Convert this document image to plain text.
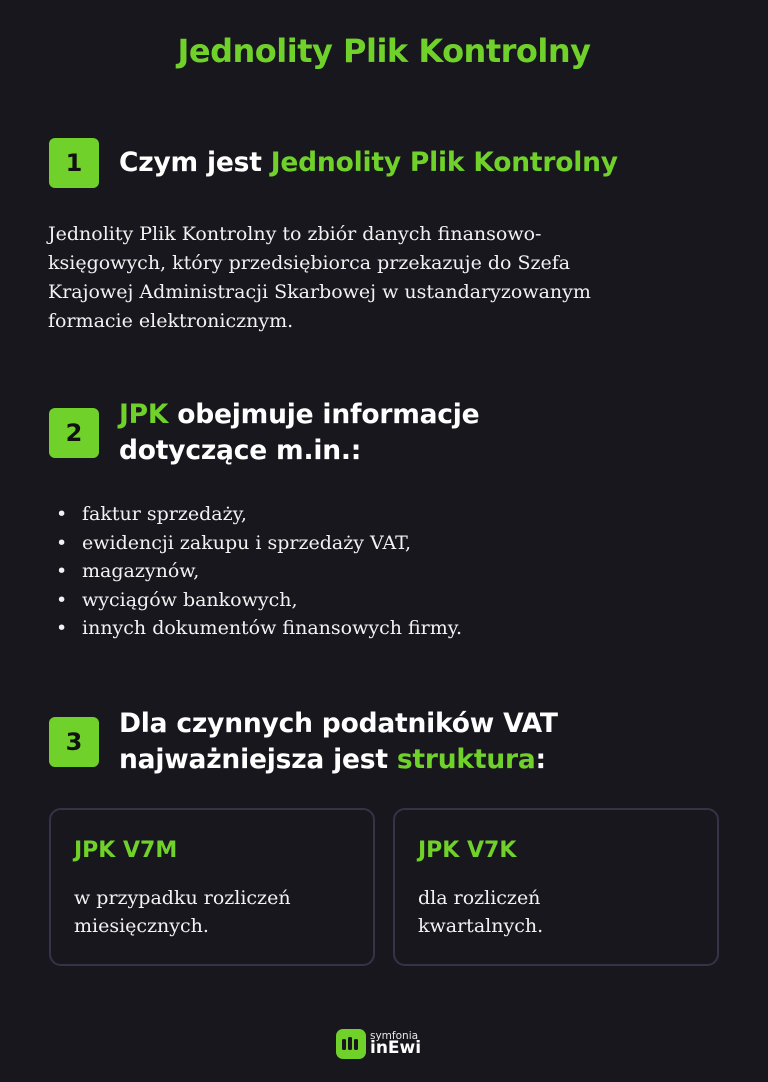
Jednolity Plik Kontrolny
1	Czym jest Jednolity Plik Kontrolny
Jednolity Plik Kontrolny to zbiór danych finansowo-
księgowych, który przedsiębiorca przekazuje do Szefa
Krajowej Administracji Skarbowej w ustandaryzowanym
formacie elektronicznym.
2
JPK obejmuje informacje
dotyczące m.in.:
• faktur sprzedaży,
• ewidencji zakupu i sprzedaży VAT,
• magazynów,
• wyciągów bankowych,
• innych dokumentów finansowych firmy.
3
Dla czynnych podatników VAT
najważniejsza jest struktura:
JPK V7M
w przypadku rozliczeń
miesięcznych.
JPK V7K
dla rozliczeń
kwartalnych.
symfonia
inEwi
